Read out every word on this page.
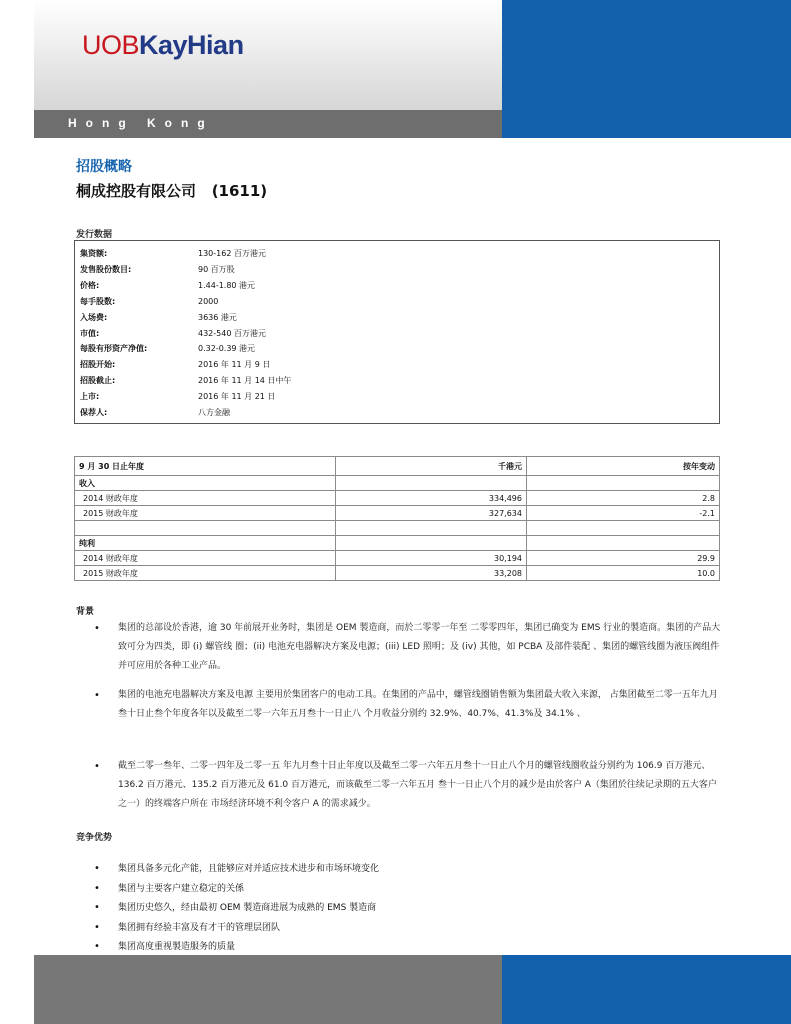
UOBKayHian
Hong Kong
招股概略
桐成控股有限公司 (1611)
发行数据
集资额:	130-162 百万港元
发售股份数目:	90 百万股
价格:	1.44-1.80 港元
每手股数:	2000
入场费:	3636 港元
市值:	432-540 百万港元
每股有形资产净值:	0.32-0.39 港元
招股开始:	2016 年 11 月 9 日
招股截止:	2016 年 11 月 14 日中午
上市:	2016 年 11 月 21 日
保荐人:	八方金融
9 月 30 日止年度	千港元	按年变动
收入		
2014 财政年度	334,496	2.8
2015 财政年度	327,634	-2.1

纯利		
2014 财政年度	30,194	29.9
2015 财政年度	33,208	10.0
背景
• 集团的总部设於香港，逾 30 年前展开业务时，集团是 OEM 製造商，而於二零零一年至 二零零四年，集团已确变为 EMS 行业的製造商。集团的产品大致可分为四类，即 (i) 螺管线 圈；(ii) 电池充电器解决方案及电源；(iii) LED 照明；及 (iv) 其他，如 PCBA 及部件装配 、集团的螺管线圈为液压阀组件并可应用於各种工业产品。
• 集团的电池充电器解决方案及电源 主要用於集团客户的电动工具。在集团的产品中，螺管线圈销售额为集团最大收入来源， 占集团截至二零一五年九月叁十日止叁个年度各年以及截至二零一六年五月叁十一日止八 个月收益分别约 32.9%、40.7%、41.3%及 34.1% 、
• 截至二零一叁年、二零一四年及二零一五 年九月叁十日止年度以及截至二零一六年五月叁十一日止八个月的螺管线圈收益分别约为 106.9 百万港元、136.2 百万港元、135.2 百万港元及 61.0 百万港元，而该截至二零一六年五月 叁十一日止八个月的减少是由於客户 A（集团於往续记录期的五大客户之一）的终端客户所在 市场经济环境不利令客户 A 的需求减少。
竞争优势
• 集团具备多元化产能，且能够应对并适应技术进步和市场环境变化
• 集团与主要客户建立稳定的关係
• 集团历史悠久，经由最初 OEM 製造商进展为成熟的 EMS 製造商
• 集团拥有经验丰富及有才干的管理层团队
• 集团高度重视製造服务的质量
